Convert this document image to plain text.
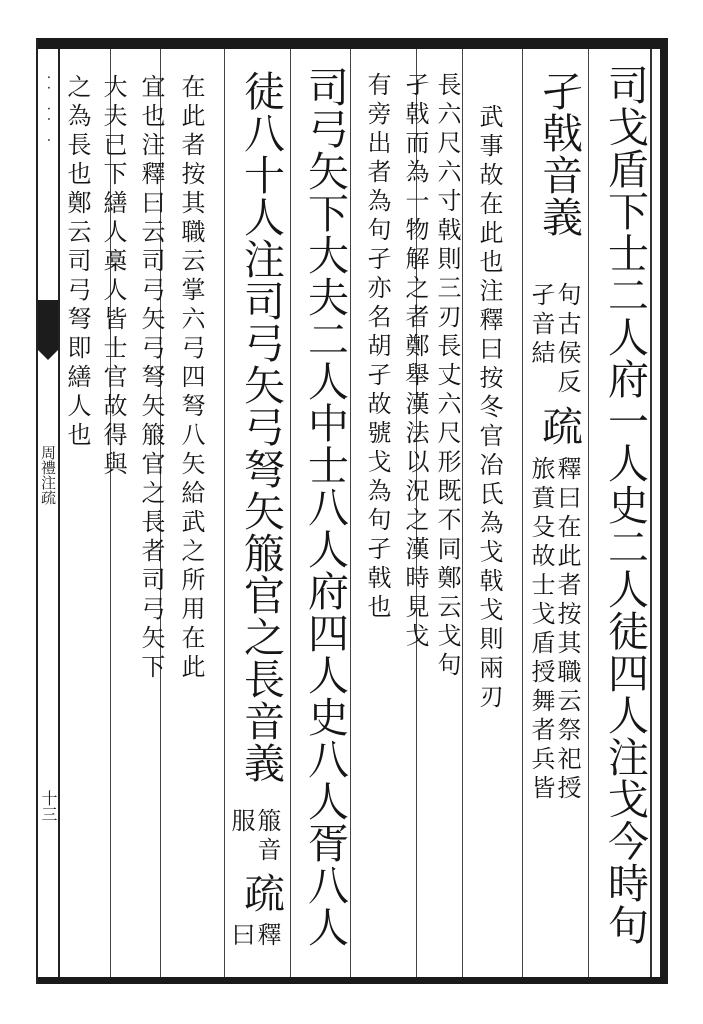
·· ·· ·
周禮注疏
十三	司戈盾下士二人府一人史二人徒四人注戈今時句
孑戟音義
句古侯反
孑音結
疏
釋曰在此者按其職云祭祀授
旅賁殳故士戈盾授舞者兵皆
武事故在此也注釋曰按冬官冶氏為戈戟戈則兩刃
長六尺六寸戟則三刃長丈六尺形既不同鄭云戈句
孑戟而為一物解之者鄭舉漢法以況之漢時見戈
有旁出者為句孑亦名胡孑故號戈為句孑戟也
司弓矢下大夫二人中士八人府四人史八人胥八人
徒八十人注司弓矢弓弩矢箙官之長音義
箙音
服
疏
釋
曰
在此者按其職云掌六弓四弩八矢給武之所用在此
宜也注釋曰云司弓矢弓弩矢箙官之長者司弓矢下
大夫已下繕人槀人皆士官故得與
之為長也鄭云司弓弩即繕人也
